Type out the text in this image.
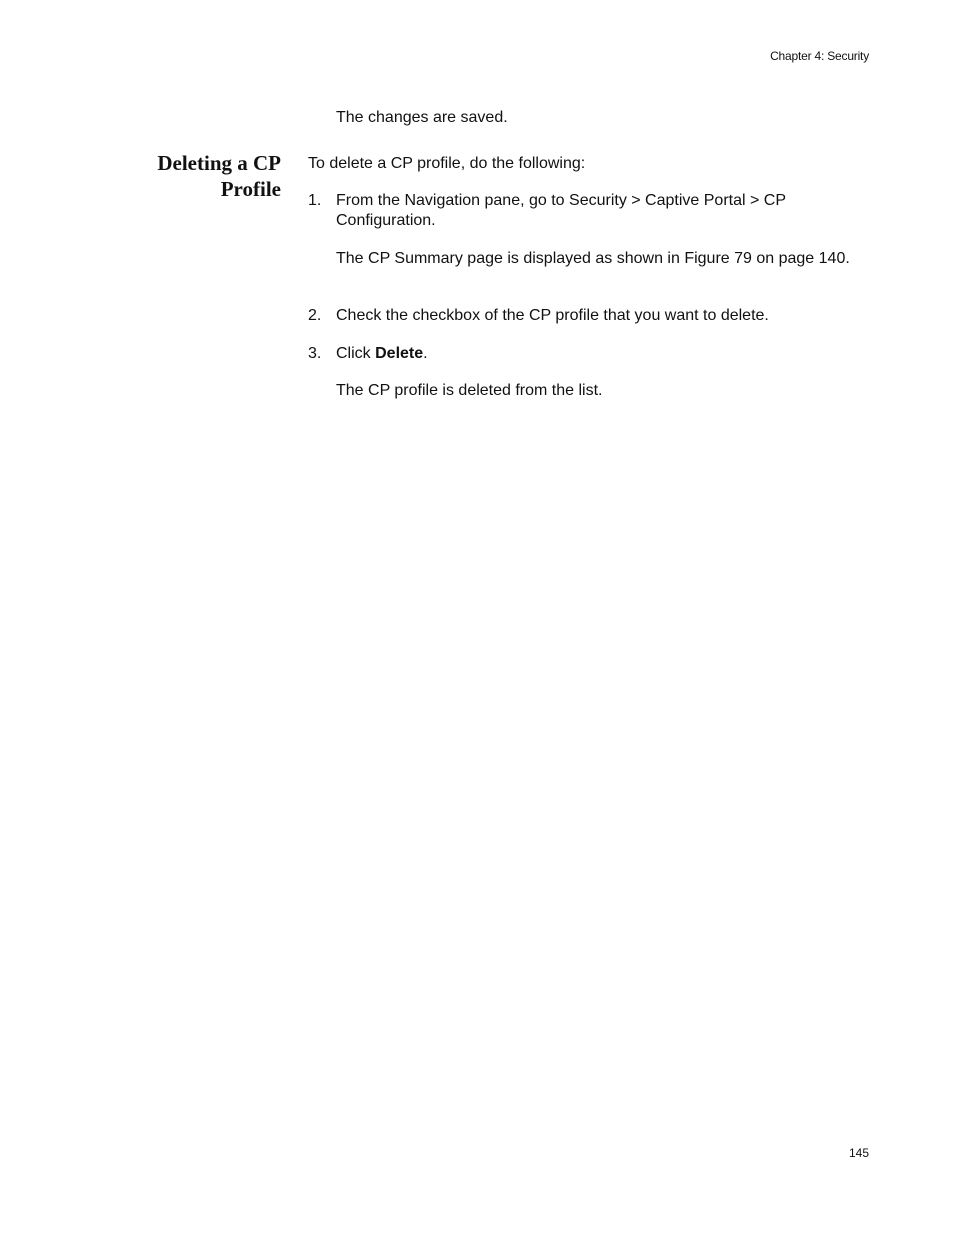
Chapter 4: Security
The changes are saved.
Deleting a CP Profile
To delete a CP profile, do the following:
1. From the Navigation pane, go to Security > Captive Portal > CP Configuration.
The CP Summary page is displayed as shown in Figure 79 on page 140.
2. Check the checkbox of the CP profile that you want to delete.
3. Click Delete.
The CP profile is deleted from the list.
145
